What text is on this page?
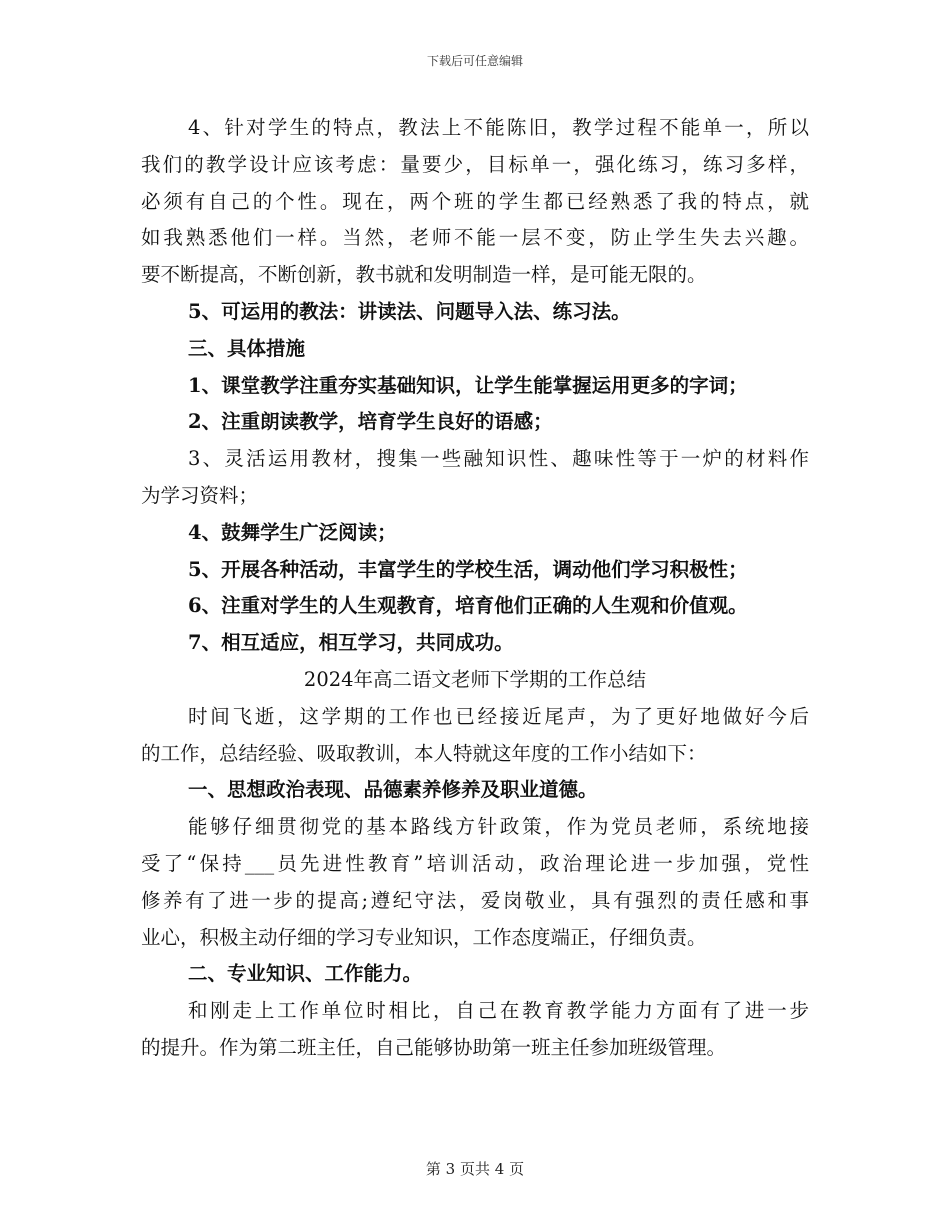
下载后可任意编辑
4、针对学生的特点，教法上不能陈旧，教学过程不能单一，所以
我们的教学设计应该考虑：量要少，目标单一，强化练习，练习多样，
必须有自己的个性。现在，两个班的学生都已经熟悉了我的特点，就
如我熟悉他们一样。当然，老师不能一层不变，防止学生失去兴趣。
要不断提高，不断创新，教书就和发明制造一样，是可能无限的。
5、可运用的教法：讲读法、问题导入法、练习法。
三、具体措施
1、课堂教学注重夯实基础知识，让学生能掌握运用更多的字词；
2、注重朗读教学，培育学生良好的语感；
3、灵活运用教材，搜集一些融知识性、趣味性等于一炉的材料作
为学习资料；
4、鼓舞学生广泛阅读；
5、开展各种活动，丰富学生的学校生活，调动他们学习积极性；
6、注重对学生的人生观教育，培育他们正确的人生观和价值观。
7、相互适应，相互学习，共同成功。
2024年高二语文老师下学期的工作总结
时间飞逝，这学期的工作也已经接近尾声，为了更好地做好今后
的工作，总结经验、吸取教训，本人特就这年度的工作小结如下：
一、思想政治表现、品德素养修养及职业道德。
能够仔细贯彻党的基本路线方针政策，作为党员老师，系统地接
受了“保持___员先进性教育”培训活动，政治理论进一步加强，党性
修养有了进一步的提高;遵纪守法，爱岗敬业，具有强烈的责任感和事
业心，积极主动仔细的学习专业知识，工作态度端正，仔细负责。
二、专业知识、工作能力。
和刚走上工作单位时相比，自己在教育教学能力方面有了进一步
的提升。作为第二班主任，自己能够协助第一班主任参加班级管理。
第 3 页共 4 页
